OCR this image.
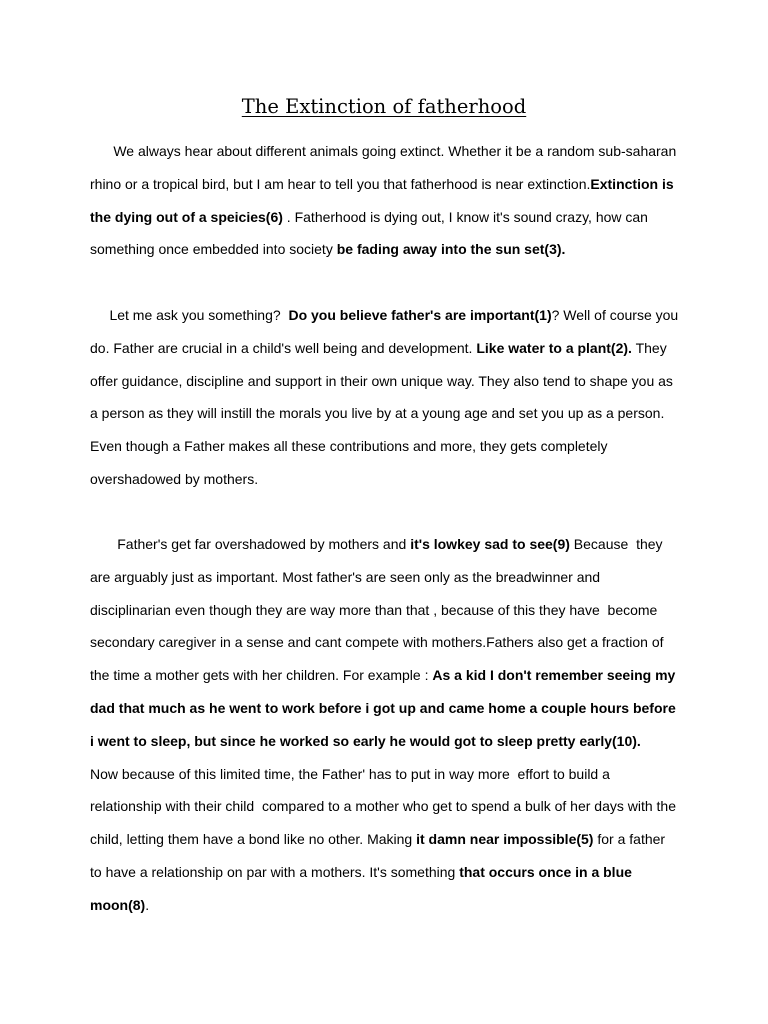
The Extinction of fatherhood

We always hear about different animals going extinct. Whether it be a random sub-saharan rhino or a tropical bird, but I am hear to tell you that fatherhood is near extinction.Extinction is the dying out of a speicies(6) . Fatherhood is dying out, I know it's sound crazy, how can something once embedded into society be fading away into the sun set(3).

Let me ask you something?  Do you believe father's are important(1)? Well of course you do. Father are crucial in a child's well being and development. Like water to a plant(2). They offer guidance, discipline and support in their own unique way. They also tend to shape you as a person as they will instill the morals you live by at a young age and set you up as a person. Even though a Father makes all these contributions and more, they gets completely overshadowed by mothers.

Father's get far overshadowed by mothers and it's lowkey sad to see(9) Because  they are arguably just as important. Most father's are seen only as the breadwinner and disciplinarian even though they are way more than that , because of this they have  become secondary caregiver in a sense and cant compete with mothers.Fathers also get a fraction of the time a mother gets with her children. For example : As a kid I don't remember seeing my dad that much as he went to work before i got up and came home a couple hours before i went to sleep, but since he worked so early he would got to sleep pretty early(10).   Now because of this limited time, the Father' has to put in way more  effort to build a relationship with their child  compared to a mother who get to spend a bulk of her days with the child, letting them have a bond like no other. Making it damn near impossible(5) for a father to have a relationship on par with a mothers. It's something that occurs once in a blue moon(8).
